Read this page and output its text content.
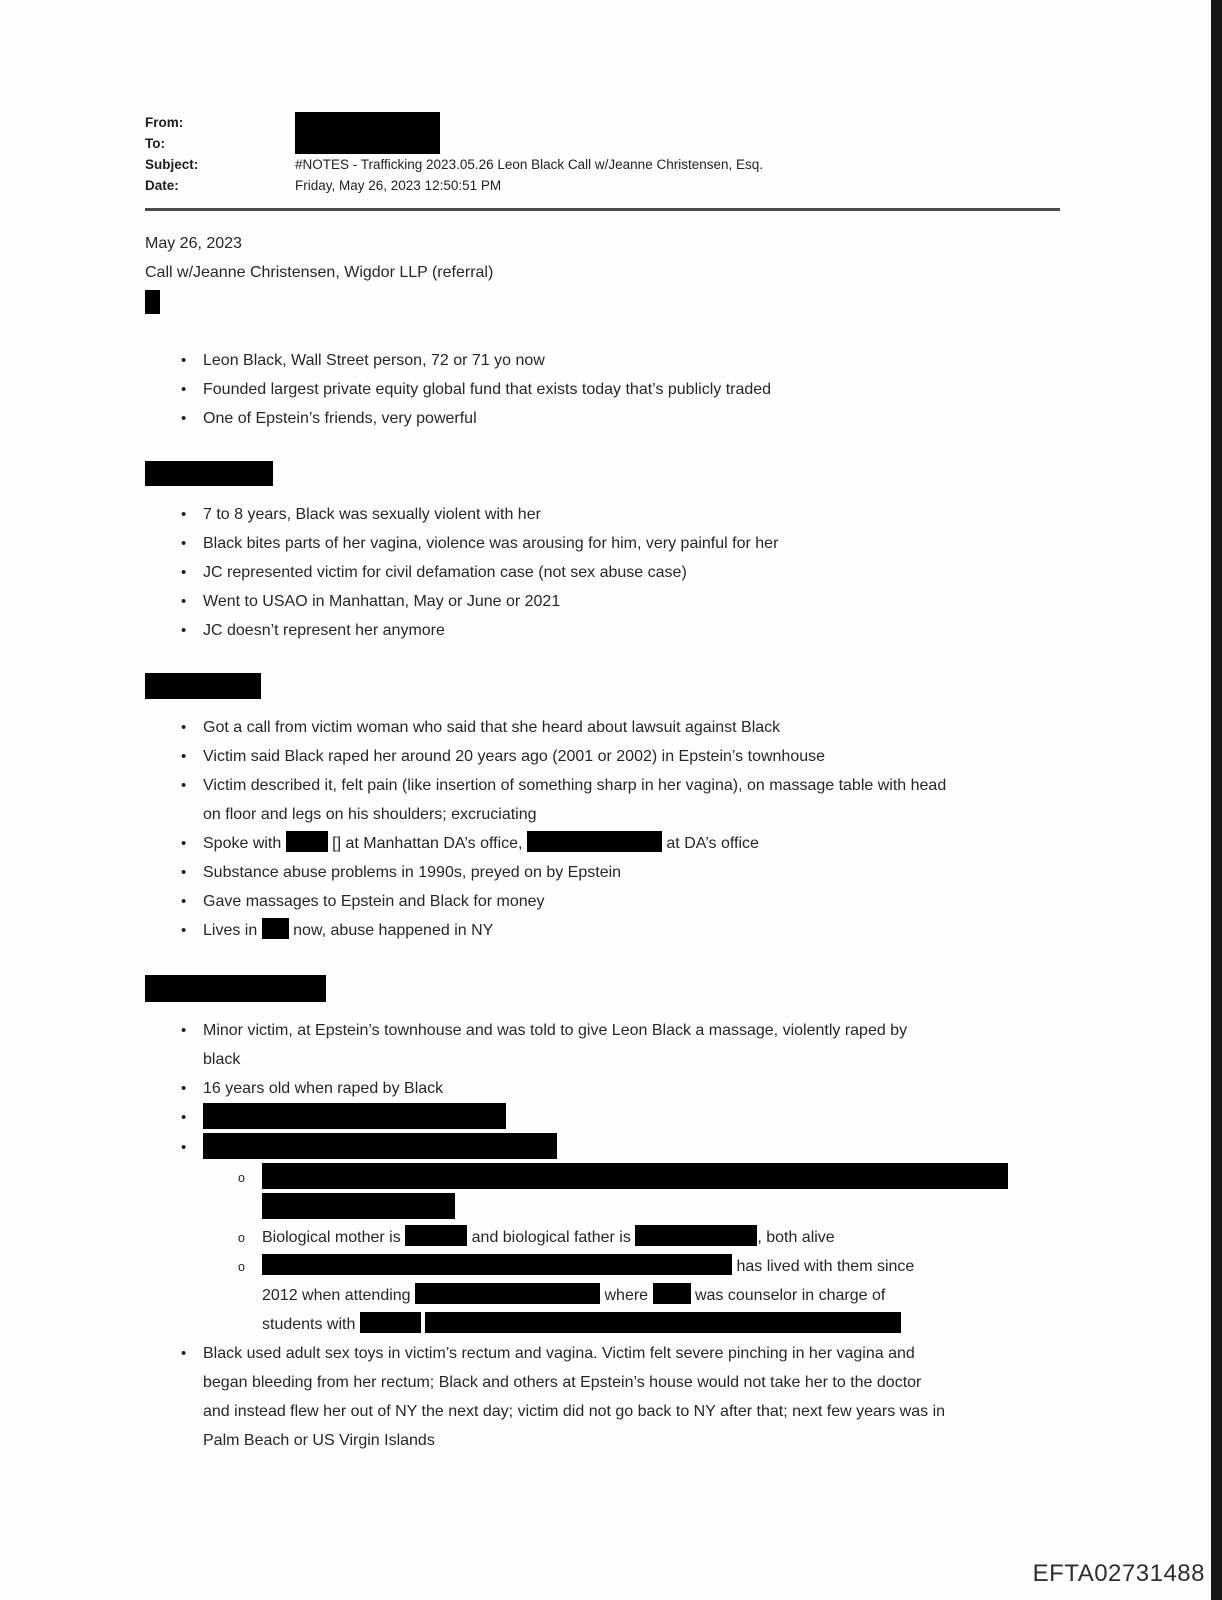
From:
To:
Subject:	#NOTES - Trafficking 2023.05.26 Leon Black Call w/Jeanne Christensen, Esq.
Date:	Friday, May 26, 2023 12:50:51 PM

May 26, 2023

Call w/Jeanne Christensen, Wigdor LLP (referral)

• Leon Black, Wall Street person, 72 or 71 yo now
• Founded largest private equity global fund that exists today that’s publicly traded
• One of Epstein’s friends, very powerful
• 7 to 8 years, Black was sexually violent with her
• Black bites parts of her vagina, violence was arousing for him, very painful for her
• JC represented victim for civil defamation case (not sex abuse case)
• Went to USAO in Manhattan, May or June or 2021
• JC doesn’t represent her anymore
• Got a call from victim woman who said that she heard about lawsuit against Black
• Victim said Black raped her around 20 years ago (2001 or 2002) in Epstein’s townhouse
• Victim described it, felt pain (like insertion of something sharp in her vagina), on massage table with head on floor and legs on his shoulders; excruciating
• Spoke with	[] at Manhattan DA’s office,	at DA’s office
• Substance abuse problems in 1990s, preyed on by Epstein
• Gave massages to Epstein and Black for money
• Lives in now, abuse happened in NY
• Minor victim, at Epstein’s townhouse and was told to give Leon Black a massage, violently raped by black
• 16 years old when raped by Black
•
•
o
o Biological mother is	and biological father is	, both alive
o has lived with them since 2012 when attending	where	was counselor in charge of students with
• Black used adult sex toys in victim’s rectum and vagina. Victim felt severe pinching in her vagina and began bleeding from her rectum; Black and others at Epstein’s house would not take her to the doctor and instead flew her out of NY the next day; victim did not go back to NY after that; next few years was in Palm Beach or US Virgin Islands
EFTA02731488
